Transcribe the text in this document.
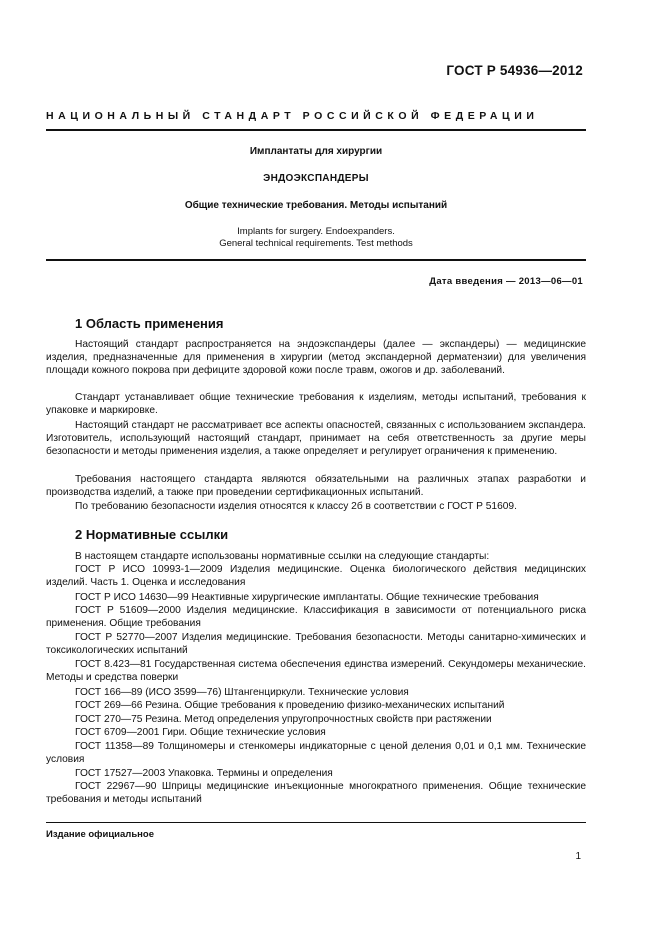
ГОСТ Р 54936—2012
НАЦИОНАЛЬНЫЙ СТАНДАРТ РОССИЙСКОЙ ФЕДЕРАЦИИ
Имплантаты для хирургии
ЭНДОЭКСПАНДЕРЫ
Общие технические требования. Методы испытаний
Implants for surgery. Endoexpanders.
General technical requirements. Test methods
Дата введения — 2013—06—01
1 Область применения

Настоящий стандарт распространяется на эндоэкспандеры (далее — экспандеры) — медицинские изделия, предназначенные для применения в хирургии (метод экспандерной дерматензии) для увеличения площади кожного покрова при дефиците здоровой кожи после травм, ожогов и др. заболеваний.

Стандарт устанавливает общие технические требования к изделиям, методы испытаний, требования к упаковке и маркировке.

Настоящий стандарт не рассматривает все аспекты опасностей, связанных с использованием экспандера. Изготовитель, использующий настоящий стандарт, принимает на себя ответственность за другие меры безопасности и методы применения изделия, а также определяет и регулирует ограничения к применению.

Требования настоящего стандарта являются обязательными на различных этапах разработки и производства изделий, а также при проведении сертификационных испытаний.

По требованию безопасности изделия относятся к классу 2б в соответствии с ГОСТ Р 51609.

2 Нормативные ссылки

В настоящем стандарте использованы нормативные ссылки на следующие стандарты:

ГОСТ Р ИСО 10993-1—2009 Изделия медицинские. Оценка биологического действия медицинских изделий. Часть 1. Оценка и исследования

ГОСТ Р ИСО 14630—99 Неактивные хирургические имплантаты. Общие технические требования

ГОСТ Р 51609—2000 Изделия медицинские. Классификация в зависимости от потенциального риска применения. Общие требования

ГОСТ Р 52770—2007 Изделия медицинские. Требования безопасности. Методы санитарно-химических и токсикологических испытаний

ГОСТ 8.423—81 Государственная система обеспечения единства измерений. Секундомеры механические. Методы и средства поверки

ГОСТ 166—89 (ИСО 3599—76) Штангенциркули. Технические условия

ГОСТ 269—66 Резина. Общие требования к проведению физико-механических испытаний

ГОСТ 270—75 Резина. Метод определения упругопрочностных свойств при растяжении

ГОСТ 6709—2001 Гири. Общие технические условия

ГОСТ 11358—89 Толщиномеры и стенкомеры индикаторные с ценой деления 0,01 и 0,1 мм. Технические условия

ГОСТ 17527—2003 Упаковка. Термины и определения

ГОСТ 22967—90 Шприцы медицинские инъекционные многократного применения. Общие технические требования и методы испытаний

Издание официальное
1
